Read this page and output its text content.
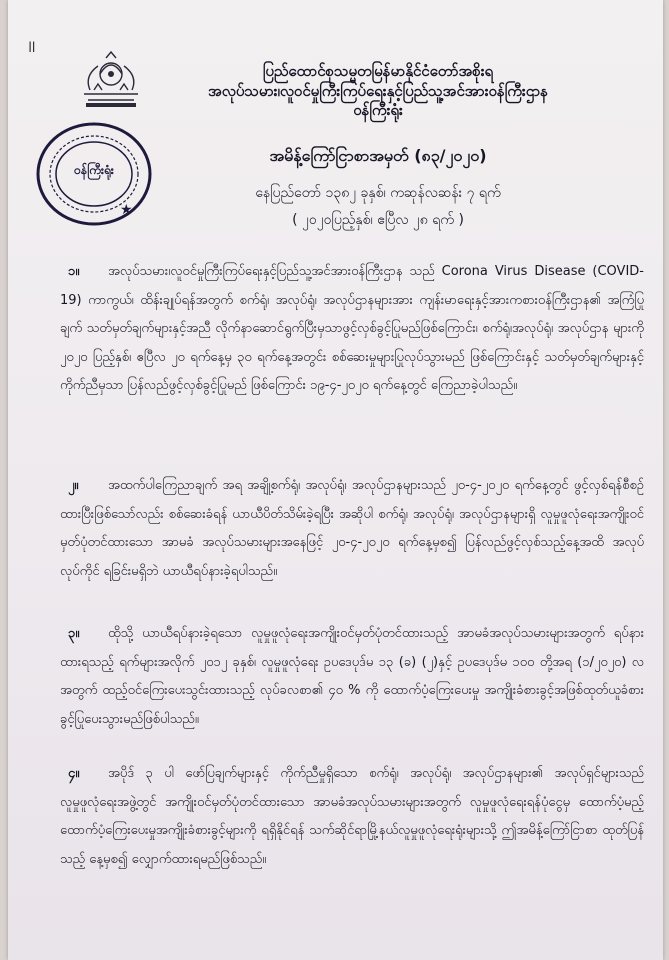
။
ဝန်ကြီးရုံး
★
ပြည်ထောင်စုသမ္မတမြန်မာနိုင်ငံတော်အစိုးရ
အလုပ်သမား၊လူဝင်မှုကြီးကြပ်ရေးနှင့်ပြည်သူ့အင်အားဝန်ကြီးဌာန
ဝန်ကြီးရုံး
အမိန့်ကြော်ငြာစာအမှတ် (၈၃/၂၀၂၀)
နေပြည်တော် ၁၃၈၂ ခုနှစ်၊ ကဆုန်လဆန်း ၇ ရက်
( ၂၀၂၀ပြည့်နှစ်၊ ဧပြီလ ၂၈ ရက် )
၁။ အလုပ်သမား၊လူဝင်မှုကြီးကြပ်ရေးနှင့်ပြည်သူ့အင်အားဝန်ကြီးဌာန သည် Corona Virus Disease (COVID-19) ကာကွယ်၊ ထိန်းချုပ်ရန်အတွက် စက်ရုံ၊ အလုပ်ရုံ၊ အလုပ်ဌာနများအား ကျန်းမာရေးနှင့်အားကစားဝန်ကြီးဌာန၏ အကြံပြုချက် သတ်မှတ်ချက်များနှင့်အညီ လိုက်နာဆောင်ရွက်ပြီးမှသာဖွင့်လှစ်ခွင့်ပြုမည်ဖြစ်ကြောင်း၊ စက်ရုံ၊အလုပ်ရုံ၊ အလုပ်ဌာန များကို ၂၀၂၀ ပြည့်နှစ်၊ ဧပြီလ ၂၀ ရက်နေ့မှ ၃၀ ရက်နေ့အတွင်း စစ်ဆေးမှုများပြုလုပ်သွားမည် ဖြစ်ကြောင်းနှင့် သတ်မှတ်ချက်များနှင့်ကိုက်ညီမှသာ ပြန်လည်ဖွင့်လှစ်ခွင့်ပြုမည် ဖြစ်ကြောင်း ၁၉-၄-၂၀၂၀ ရက်နေ့တွင် ကြေညာခဲ့ပါသည်။
၂။ အထက်ပါကြေညာချက် အရ အချို့စက်ရုံ၊ အလုပ်ရုံ၊ အလုပ်ဌာနများသည် ၂၀-၄-၂၀၂၀ ရက်နေ့တွင် ဖွင့်လှစ်ရန်စီစဉ်ထားပြီးဖြစ်သော်လည်း စစ်ဆေးခံရန် ယာယီပိတ်သိမ်းခဲ့ရပြီး အဆိုပါ စက်ရုံ၊ အလုပ်ရုံ၊ အလုပ်ဌာနများရှိ လူမှုဖူလုံရေးအကျိုးဝင်မှတ်ပုံတင်ထားသော အာမခံ အလုပ်သမားများအနေဖြင့် ၂၀-၄-၂၀၂၀ ရက်နေ့မှစ၍ ပြန်လည်ဖွင့်လှစ်သည့်နေ့အထိ အလုပ်လုပ်ကိုင် ရခြင်းမရှိဘဲ ယာယီရပ်နားခဲ့ရပါသည်။
၃။ ထိုသို့ ယာယီရပ်နားခဲ့ရသော လူမှုဖူလုံရေးအကျိုးဝင်မှတ်ပုံတင်ထားသည့် အာမခံအလုပ်သမားများအတွက် ရပ်နားထားရသည့် ရက်များအလိုက် ၂၀၁၂ ခုနှစ်၊ လူမှုဖူလုံရေး ဥပဒေပုဒ်မ ၁၃ (ခ) (၂)နှင့် ဥပဒေပုဒ်မ ၁၀၀ တို့အရ (၁/၂၀၂၀) လအတွက် ထည့်ဝင်ကြေးပေးသွင်းထားသည့် လုပ်ခလစာ၏ ၄၀ % ကို ထောက်ပံ့ကြေးပေးမှု အကျိုးခံစားခွင့်အဖြစ်ထုတ်ယူခံစားခွင့်ပြုပေးသွားမည်ဖြစ်ပါသည်။
၄။ အပိုဒ် ၃ ပါ ဖော်ပြချက်များနှင့် ကိုက်ညီမှုရှိသော စက်ရုံ၊ အလုပ်ရုံ၊ အလုပ်ဌာနများ၏ အလုပ်ရှင်များသည် လူမှုဖူလုံရေးအဖွဲ့တွင် အကျိုးဝင်မှတ်ပုံတင်ထားသော အာမခံအလုပ်သမားများအတွက် လူမှုဖူလုံရေးရန်ပုံငွေမှ ထောက်ပံ့မည့် ထောက်ပံ့ကြေးပေးမှုအကျိုးခံစားခွင့်များကို ရရှိနိုင်ရန် သက်ဆိုင်ရာမြို့နယ်လူမှုဖူလုံရေးရုံးများသို့ ဤအမိန့်ကြော်ငြာစာ ထုတ်ပြန်သည့် နေ့မှစ၍ လျှောက်ထားရမည်ဖြစ်သည်။
